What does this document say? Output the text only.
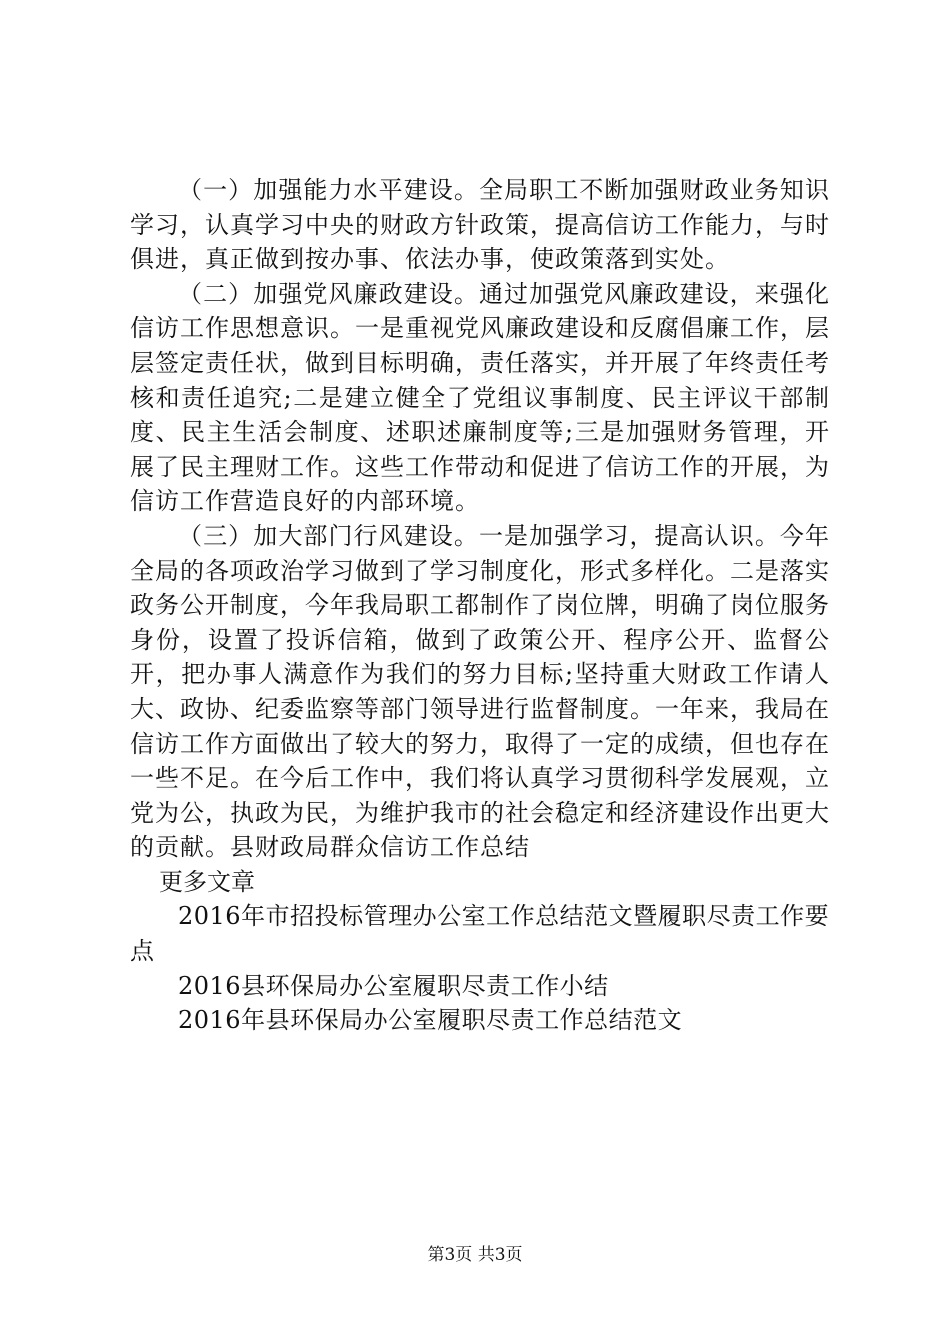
（一）加强能力水平建设。全局职工不断加强财政业务知识学习，认真学习中央的财政方针政策，提高信访工作能力，与时俱进，真正做到按办事、依法办事，使政策落到实处。

（二）加强党风廉政建设。通过加强党风廉政建设，来强化信访工作思想意识。一是重视党风廉政建设和反腐倡廉工作，层层签定责任状，做到目标明确，责任落实，并开展了年终责任考核和责任追究;二是建立健全了党组议事制度、民主评议干部制度、民主生活会制度、述职述廉制度等;三是加强财务管理，开展了民主理财工作。这些工作带动和促进了信访工作的开展，为信访工作营造良好的内部环境。

（三）加大部门行风建设。一是加强学习，提高认识。今年全局的各项政治学习做到了学习制度化，形式多样化。二是落实政务公开制度，今年我局职工都制作了岗位牌，明确了岗位服务身份，设置了投诉信箱，做到了政策公开、程序公开、监督公开，把办事人满意作为我们的努力目标;坚持重大财政工作请人大、政协、纪委监察等部门领导进行监督制度。一年来，我局在信访工作方面做出了较大的努力，取得了一定的成绩，但也存在一些不足。在今后工作中，我们将认真学习贯彻科学发展观，立党为公，执政为民，为维护我市的社会稳定和经济建设作出更大的贡献。县财政局群众信访工作总结

更多文章

2016年市招投标管理办公室工作总结范文暨履职尽责工作要点

2016县环保局办公室履职尽责工作小结

2016年县环保局办公室履职尽责工作总结范文

第3页 共3页
